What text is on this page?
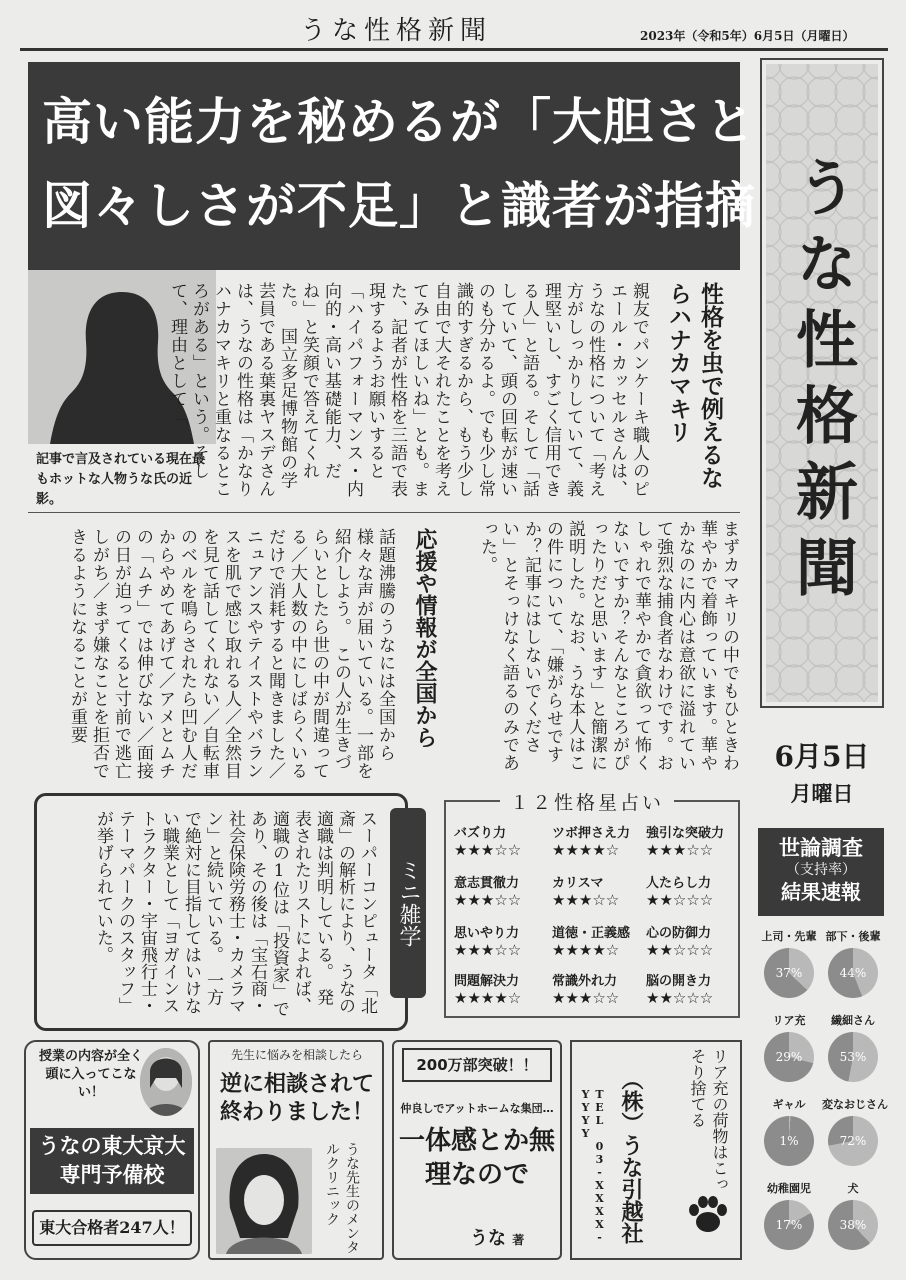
うな性格新聞	2023年（令和5年）6月5日（月曜日）
高い能力を秘めるが「大胆さと
図々しさが不足」と識者が指摘 うな性格新聞
6月5日
月曜日
世論調査
（支持率）
結果速報
上司・先輩
37%
部下・後輩
44%
リア充
29%
繊細さん
53%
ギャル
1%
変なおじさん
72%
幼稚園児
17%
犬
38%
記事で言及されている現在最もホットな人物うな氏の近影。
性格を虫で例えるならハナカマキリ
親友でパンケーキ職人のピエール・カッセルさんは、うなの性格について「考え方がしっかりしていて、義理堅いし、すごく信用できる人」と語る。そして「話していて、頭の回転が速いのも分かるよ。でも少し常識的すぎるから、もう少し自由で大それたことを考えてみてほしいね」とも。また、記者が性格を三語で表現するようお願いすると「ハイパフォーマンス・内向的・高い基礎能力、だね」と笑顔で答えてくれた。　国立多足博物館の学芸員である葉裏ヤスデさんは、うなの性格は「かなりハナカマキリと重なるところがある」という。そして、理由として「
まずカマキリの中でもひときわ華やかで着飾っています。華やかなのに内心は意欲に溢れていて強烈な捕食者なわけです。おしゃれで華やかで貪欲って怖くないですか？そんなところがぴったりだと思います」と簡潔に説明した。なお、うな本人はこの件について、「嫌がらせですか？記事にはしないでください」とそっけなく語るのみであった。
応援や情報が全国から
話題沸騰のうなには全国から様々な声が届いている。一部を紹介しよう。　この人が生きづらいとしたら世の中が間違ってる／大人数の中にしばらくいるだけで消耗すると聞きました／ニュアンスやテイストやバランスを肌で感じ取れる人／全然目を見て話してくれない／自転車のベルを鳴らされたら凹む人だからやめてあげて／アメとムチの「ムチ」では伸びない／面接の日が迫ってくると寸前で逃亡しがち／まず嫌なことを拒否できるようになることが重要
スーパーコンピュータ「北斎」の解析により、うなの適職は判明している。　発表されたリストによれば、適職の1位は「投資家」であり、その後は「宝石商・社会保険労務士・カメラマン」と続いている。　一方で絶対に目指してはいけない職業として「ヨガインストラクター・宇宙飛行士・テーマパークのスタッフ」が挙げられていた。	ミニ雑学
１２性格星占い
バズり力
★★★☆☆
ツボ押さえ力
★★★★☆
強引な突破力
★★★☆☆
意志貫徹力
★★★☆☆
カリスマ
★★★☆☆
人たらし力
★★☆☆☆
思いやり力
★★★☆☆
道徳・正義感
★★★★☆
心の防御力
★★☆☆☆
問題解決力
★★★★☆
常識外れ力
★★★☆☆
脳の開き力
★★☆☆☆
授業の内容が全く頭に入ってこない！
うなの東大京大専門予備校
東大合格者247人！
先生に悩みを相談したら
逆に相談されて終わりました！
うな先生のメンタルクリニック
200万部突破！！
仲良しでアットホームな集団…
一体感とか無理なので
うな 著	TEL 03-XXXX-YYYY	リア充の荷物はこっそり捨てる
（株）うな引越社
